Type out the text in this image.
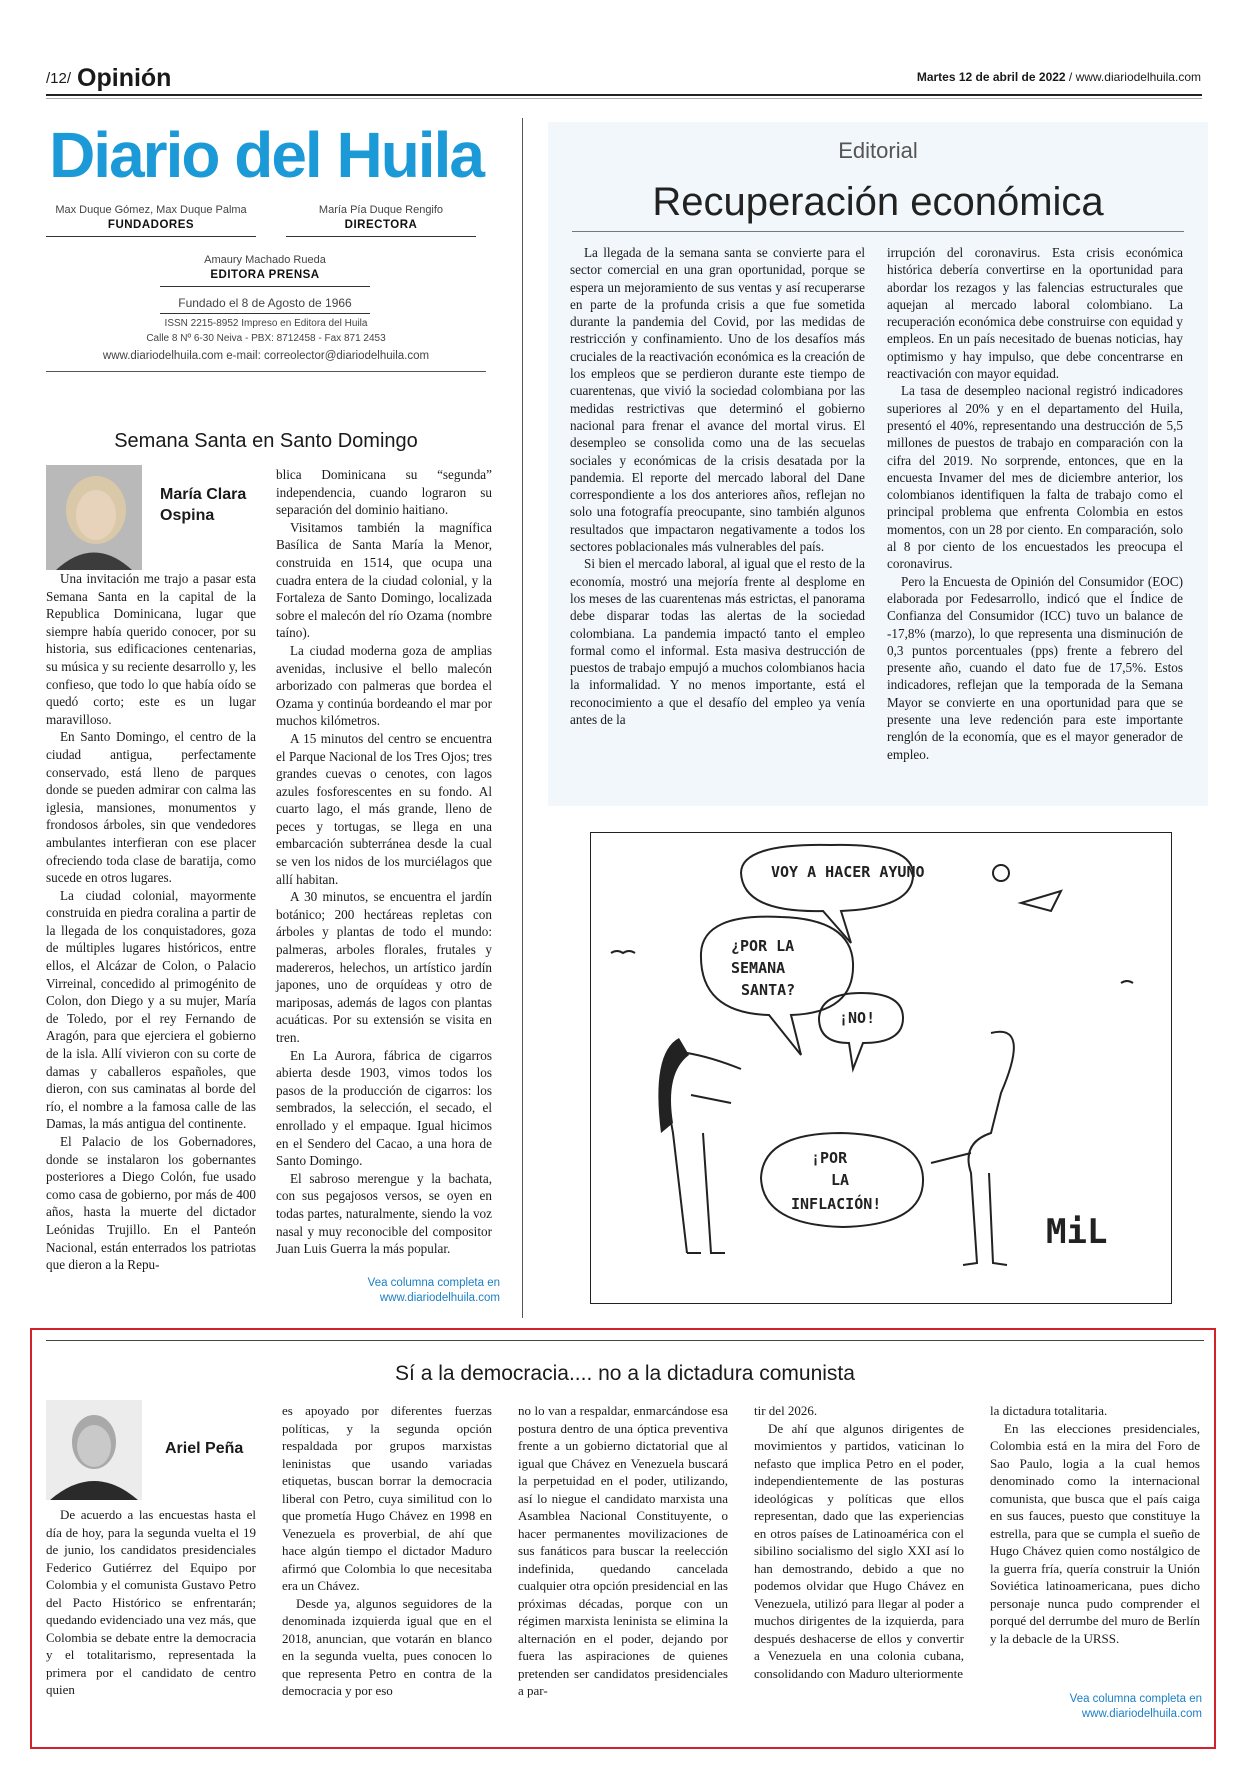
/12/ Opinión	Martes 12 de abril de 2022 / www.diariodelhuila.com
Diario del Huila
Max Duque Gómez, Max Duque Palma
FUNDADORES
María Pía Duque Rengifo
DIRECTORA
Amaury Machado Rueda
EDITORA PRENSA
Fundado el 8 de Agosto de 1966
ISSN 2215-8952 Impreso en Editora del Huila
Calle 8 Nº 6-30 Neiva - PBX: 8712458 - Fax 871 2453
www.diariodelhuila.com e-mail: correolector@diariodelhuila.com
Semana Santa en Santo Domingo
María Clara Ospina

Una invitación me trajo a pasar esta Semana Santa en la capital de la Republica Dominicana, lugar que siempre había querido conocer, por su historia, sus edificaciones centenarias, su música y su reciente desarrollo y, les confieso, que todo lo que había oído se quedó corto; este es un lugar maravilloso.

En Santo Domingo, el centro de la ciudad antigua, perfectamente conservado, está lleno de parques donde se pueden admirar con calma las iglesia, mansiones, monumentos y frondosos árboles, sin que vendedores ambulantes interfieran con ese placer ofreciendo toda clase de baratija, como sucede en otros lugares.

La ciudad colonial, mayormente construida en piedra coralina a partir de la llegada de los conquistadores, goza de múltiples lugares históricos, entre ellos, el Alcázar de Colon, o Palacio Virreinal, concedido al primogénito de Colon, don Diego y a su mujer, María de Toledo, por el rey Fernando de Aragón, para que ejerciera el gobierno de la isla. Allí vivieron con su corte de damas y caballeros españoles, que dieron, con sus caminatas al borde del río, el nombre a la famosa calle de las Damas, la más antigua del continente.

El Palacio de los Gobernadores, donde se instalaron los gobernantes posteriores a Diego Colón, fue usado como casa de gobierno, por más de 400 años, hasta la muerte del dictador Leónidas Trujillo. En el Panteón Nacional, están enterrados los patriotas que dieron a la Repu-

blica Dominicana su “segunda” independencia, cuando lograron su separación del dominio haitiano.

Visitamos también la magnífica Basílica de Santa María la Menor, construida en 1514, que ocupa una cuadra entera de la ciudad colonial, y la Fortaleza de Santo Domingo, localizada sobre el malecón del río Ozama (nombre taíno).

La ciudad moderna goza de amplias avenidas, inclusive el bello malecón arborizado con palmeras que bordea el Ozama y continúa bordeando el mar por muchos kilómetros.

A 15 minutos del centro se encuentra el Parque Nacional de los Tres Ojos; tres grandes cuevas o cenotes, con lagos azules fosforescentes en su fondo. Al cuarto lago, el más grande, lleno de peces y tortugas, se llega en una embarcación subterránea desde la cual se ven los nidos de los murciélagos que allí habitan.

A 30 minutos, se encuentra el jardín botánico; 200 hectáreas repletas con árboles y plantas de todo el mundo: palmeras, arboles florales, frutales y madereros, helechos, un artístico jardín japones, uno de orquídeas y otro de mariposas, además de lagos con plantas acuáticas. Por su extensión se visita en tren.

En La Aurora, fábrica de cigarros abierta desde 1903, vimos todos los pasos de la producción de cigarros: los sembrados, la selección, el secado, el enrollado y el empaque. Igual hicimos en el Sendero del Cacao, a una hora de Santo Domingo.

El sabroso merengue y la bachata, con sus pegajosos versos, se oyen en todas partes, naturalmente, siendo la voz nasal y muy reconocible del compositor Juan Luis Guerra la más popular.

Vea columna completa en
www.diariodelhuila.com
Editorial
Recuperación económica

La llegada de la semana santa se convierte para el sector comercial en una gran oportunidad, porque se espera un mejoramiento de sus ventas y así recuperarse en parte de la profunda crisis a que fue sometida durante la pandemia del Covid, por las medidas de restricción y confinamiento. Uno de los desafíos más cruciales de la reactivación económica es la creación de los empleos que se perdieron durante este tiempo de cuarentenas, que vivió la sociedad colombiana por las medidas restrictivas que determinó el gobierno nacional para frenar el avance del mortal virus. El desempleo se consolida como una de las secuelas sociales y económicas de la crisis desatada por la pandemia. El reporte del mercado laboral del Dane correspondiente a los dos anteriores años, reflejan no solo una fotografía preocupante, sino también algunos resultados que impactaron negativamente a todos los sectores poblacionales más vulnerables del país.

Si bien el mercado laboral, al igual que el resto de la economía, mostró una mejoría frente al desplome en los meses de las cuarentenas más estrictas, el panorama debe disparar todas las alertas de la sociedad colombiana. La pandemia impactó tanto el empleo formal como el informal. Esta masiva destrucción de puestos de trabajo empujó a muchos colombianos hacia la informalidad. Y no menos importante, está el reconocimiento a que el desafío del empleo ya venía antes de la

irrupción del coronavirus. Esta crisis económica histórica debería convertirse en la oportunidad para abordar los rezagos y las falencias estructurales que aquejan al mercado laboral colombiano. La recuperación económica debe construirse con equidad y empleos. En un país necesitado de buenas noticias, hay optimismo y hay impulso, que debe concentrarse en reactivación con mayor equidad.

La tasa de desempleo nacional registró indicadores superiores al 20% y en el departamento del Huila, presentó el 40%, representando una destrucción de 5,5 millones de puestos de trabajo en comparación con la cifra del 2019. No sorprende, entonces, que en la encuesta Invamer del mes de diciembre anterior, los colombianos identifiquen la falta de trabajo como el principal problema que enfrenta Colombia en estos momentos, con un 28 por ciento. En comparación, solo al 8 por ciento de los encuestados les preocupa el coronavirus.

Pero la Encuesta de Opinión del Consumidor (EOC) elaborada por Fedesarrollo, indicó que el Índice de Confianza del Consumidor (ICC) tuvo un balance de -17,8% (marzo), lo que representa una disminución de 0,3 puntos porcentuales (pps) frente a febrero del presente año, cuando el dato fue de 17,5%. Estos indicadores, reflejan que la temporada de la Semana Mayor se convierte en una oportunidad para que se presente una leve redención para este importante renglón de la economía, que es el mayor generador de empleo.

VOY A HACER AYUNO
¿POR LA
SEMANA
SANTA?
¡NO!
¡POR
LA
INFLACIÓN!
MiL
Sí a la democracia.... no a la dictadura comunista
Ariel Peña

De acuerdo a las encuestas hasta el día de hoy, para la segunda vuelta el 19 de junio, los candidatos presidenciales Federico Gutiérrez del Equipo por Colombia y el comunista Gustavo Petro del Pacto Histórico se enfrentarán; quedando evidenciado una vez más, que Colombia se debate entre la democracia y el totalitarismo, representada la primera por el candidato de centro quien

es apoyado por diferentes fuerzas políticas, y la segunda opción respaldada por grupos marxistas leninistas que usando variadas etiquetas, buscan borrar la democracia liberal con Petro, cuya similitud con lo que prometía Hugo Chávez en 1998 en Venezuela es proverbial, de ahí que hace algún tiempo el dictador Maduro afirmó que Colombia lo que necesitaba era un Chávez.

Desde ya, algunos seguidores de la denominada izquierda igual que en el 2018, anuncian, que votarán en blanco en la segunda vuelta, pues conocen lo que representa Petro en contra de la democracia y por eso

no lo van a respaldar, enmarcándose esa postura dentro de una óptica preventiva frente a un gobierno dictatorial que al igual que Chávez en Venezuela buscará la perpetuidad en el poder, utilizando, así lo niegue el candidato marxista una Asamblea Nacional Constituyente, o hacer permanentes movilizaciones de sus fanáticos para buscar la reelección indefinida, quedando cancelada cualquier otra opción presidencial en las próximas décadas, porque con un régimen marxista leninista se elimina la alternación en el poder, dejando por fuera las aspiraciones de quienes pretenden ser candidatos presidenciales a par-

tir del 2026.

De ahí que algunos dirigentes de movimientos y partidos, vaticinan lo nefasto que implica Petro en el poder, independientemente de las posturas ideológicas y políticas que ellos representan, dado que las experiencias en otros países de Latinoamérica con el sibilino socialismo del siglo XXI así lo han demostrando, debido a que no podemos olvidar que Hugo Chávez en Venezuela, utilizó para llegar al poder a muchos dirigentes de la izquierda, para después deshacerse de ellos y convertir a Venezuela en una colonia cubana, consolidando con Maduro ulteriormente

la dictadura totalitaria.

En las elecciones presidenciales, Colombia está en la mira del Foro de Sao Paulo, logia a la cual hemos denominado como la internacional comunista, que busca que el país caiga en sus fauces, puesto que constituye la estrella, para que se cumpla el sueño de Hugo Chávez quien como nostálgico de la guerra fría, quería construir la Unión Soviética latinoamericana, pues dicho personaje nunca pudo comprender el porqué del derrumbe del muro de Berlín y la debacle de la URSS.

Vea columna completa en
www.diariodelhuila.com
